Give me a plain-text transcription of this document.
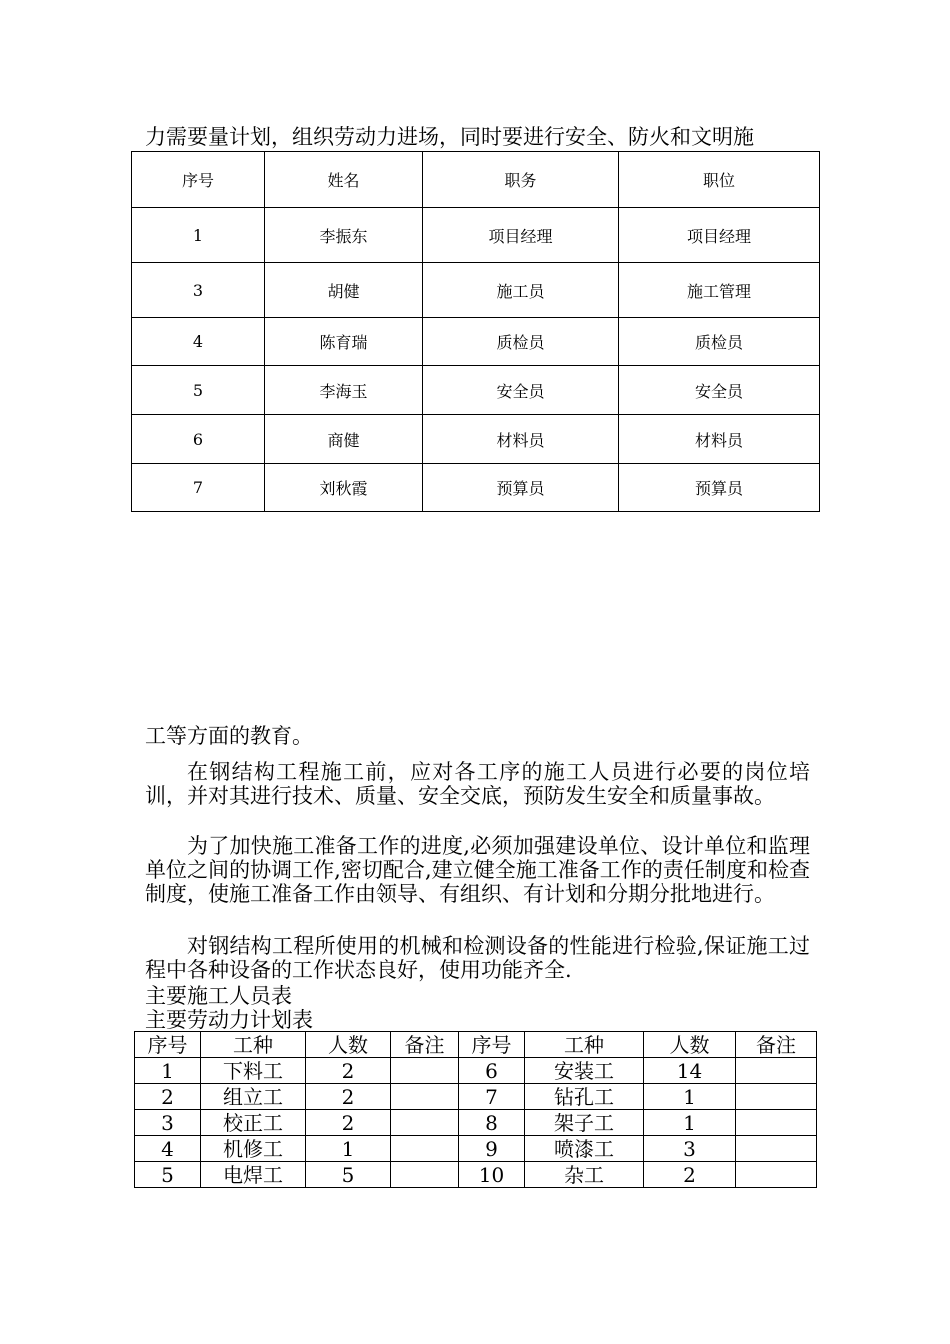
力需要量计划，组织劳动力进场，同时要进行安全、防火和文明施
序号	姓名	职务	职位
1	李振东	项目经理	项目经理
3	胡健	施工员	施工管理
4	陈育瑞	质检员	质检员
5	李海玉	安全员	安全员
6	商健	材料员	材料员
7	刘秋霞	预算员	预算员
工等方面的教育。
在钢结构工程施工前，应对各工序的施工人员进行必要的岗位培训，并对其进行技术、质量、安全交底，预防发生安全和质量事故。
为了加快施工准备工作的进度,必须加强建设单位、设计单位和监理单位之间的协调工作,密切配合,建立健全施工准备工作的责任制度和检查制度，使施工准备工作由领导、有组织、有计划和分期分批地进行。
对钢结构工程所使用的机械和检测设备的性能进行检验,保证施工过程中各种设备的工作状态良好，使用功能齐全.
主要施工人员表
主要劳动力计划表
序号	工种	人数	备注	序号	工种	人数	备注
1	下料工	2		6	安装工	14	
2	组立工	2		7	钻孔工	1	
3	校正工	2		8	架子工	1	
4	机修工	1		9	喷漆工	3	
5	电焊工	5		10	杂工	2	
